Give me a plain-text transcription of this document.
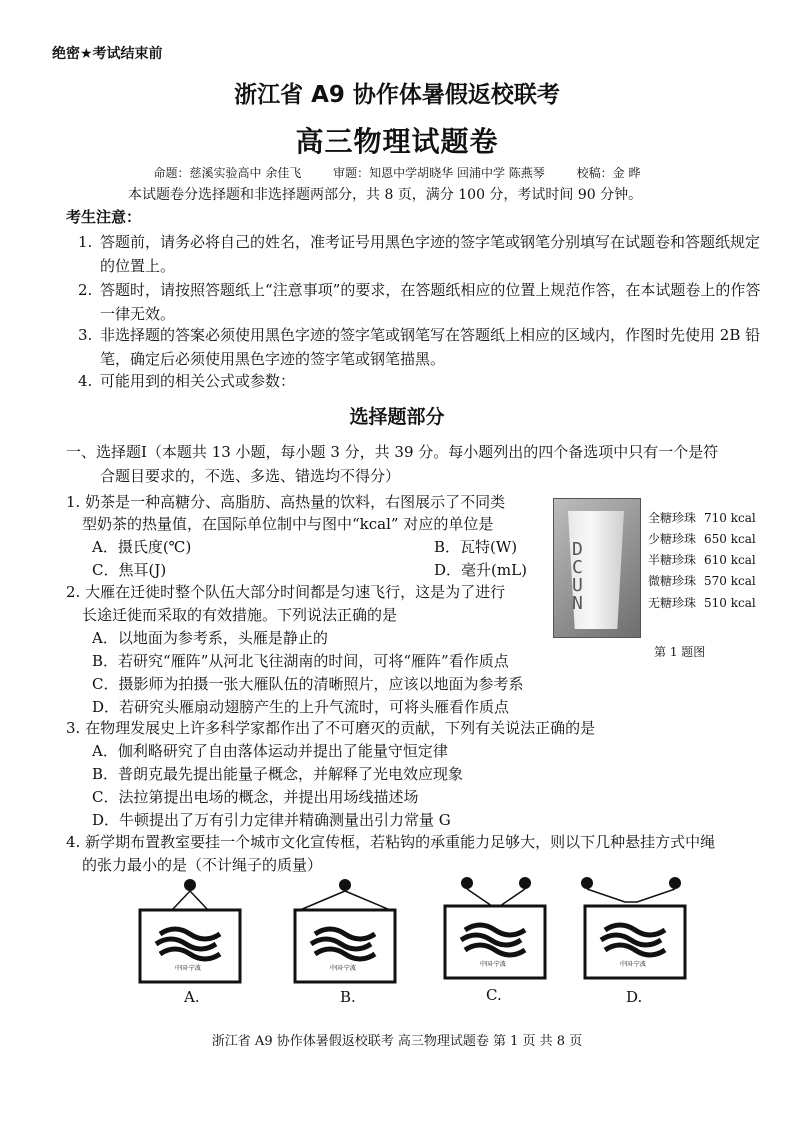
绝密★考试结束前
浙江省 A9 协作体暑假返校联考
高三物理试题卷
命题：慈溪实验高中 余佳飞	审题：知恩中学胡晓华 回浦中学 陈燕琴	校稿：金 晔
本试题卷分选择题和非选择题两部分，共 8 页，满分 100 分，考试时间 90 分钟。
考生注意：
1. 答题前，请务必将自己的姓名，准考证号用黑色字迹的签字笔或钢笔分别填写在试题卷和答题纸规定的位置上。
2. 答题时，请按照答题纸上“注意事项”的要求，在答题纸相应的位置上规范作答，在本试题卷上的作答一律无效。
3. 非选择题的答案必须使用黑色字迹的签字笔或钢笔写在答题纸上相应的区域内，作图时先使用 2B 铅笔，确定后必须使用黑色字迹的签字笔或钢笔描黑。
4. 可能用到的相关公式或参数：
选择题部分
一、选择题Ⅰ（本题共 13 小题，每小题 3 分，共 39 分。每小题列出的四个备选项中只有一个是符
合题目要求的，不选、多选、错选均不得分）
1. 奶茶是一种高糖分、高脂肪、高热量的饮料，右图展示了不同类
型奶茶的热量值，在国际单位制中与图中“kcal” 对应的单位是
A．摄氏度(℃)	B．瓦特(W)
C．焦耳(J)	D．毫升(mL)
DCUN
全糖珍珠 710 kcal
少糖珍珠 650 kcal
半糖珍珠 610 kcal
微糖珍珠 570 kcal
无糖珍珠 510 kcal
第 1 题图
2. 大雁在迁徙时整个队伍大部分时间都是匀速飞行，这是为了进行
长途迁徙而采取的有效措施。下列说法正确的是
A．以地面为参考系，头雁是静止的
B．若研究“雁阵”从河北飞往湖南的时间，可将“雁阵”看作质点
C．摄影师为拍摄一张大雁队伍的清晰照片，应该以地面为参考系
D．若研究头雁扇动翅膀产生的上升气流时，可将头雁看作质点
3. 在物理发展史上许多科学家都作出了不可磨灭的贡献，下列有关说法正确的是
A．伽利略研究了自由落体运动并提出了能量守恒定律
B．普朗克最先提出能量子概念，并解释了光电效应现象
C．法拉第提出电场的概念，并提出用场线描述场
D．牛顿提出了万有引力定律并精确测量出引力常量 G
4. 新学期布置教室要挂一个城市文化宣传框，若粘钩的承重能力足够大，则以下几种悬挂方式中绳
的张力最小的是（不计绳子的质量）
中国·宁波	中国·宁波
中国·宁波	中国·宁波
A.	B.	C.	D.
浙江省 A9 协作体暑假返校联考 高三物理试题卷 第 1 页 共 8 页
